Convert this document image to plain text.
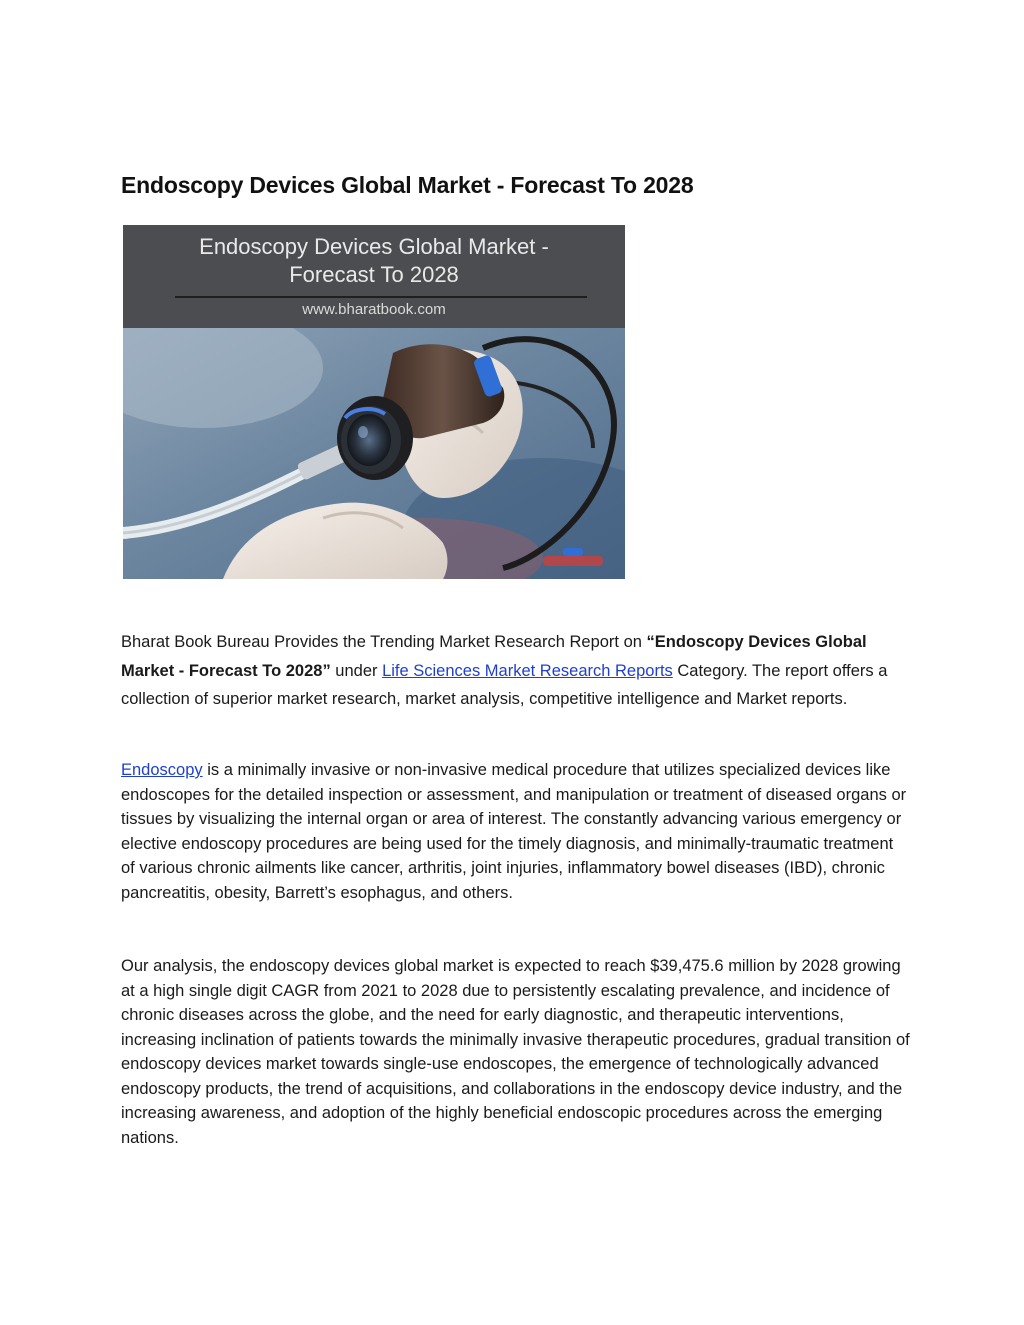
Endoscopy Devices Global Market - Forecast To 2028
Endoscopy Devices Global Market -
Forecast To 2028
www.bharatbook.com

Bharat Book Bureau Provides the Trending Market Research Report on “Endoscopy Devices Global Market - Forecast To 2028” under Life Sciences Market Research Reports Category. The report offers a collection of superior market research, market analysis, competitive intelligence and Market reports.

Endoscopy is a minimally invasive or non-invasive medical procedure that utilizes specialized devices like endoscopes for the detailed inspection or assessment, and manipulation or treatment of diseased organs or tissues by visualizing the internal organ or area of interest. The constantly advancing various emergency or elective endoscopy procedures are being used for the timely diagnosis, and minimally-traumatic treatment of various chronic ailments like cancer, arthritis, joint injuries, inflammatory bowel diseases (IBD), chronic pancreatitis, obesity, Barrett’s esophagus, and others.

Our analysis, the endoscopy devices global market is expected to reach $39,475.6 million by 2028 growing at a high single digit CAGR from 2021 to 2028 due to persistently escalating prevalence, and incidence of chronic diseases across the globe, and the need for early diagnostic, and therapeutic interventions, increasing inclination of patients towards the minimally invasive therapeutic procedures, gradual transition of endoscopy devices market towards single-use endoscopes, the emergence of technologically advanced endoscopy products, the trend of acquisitions, and collaborations in the endoscopy device industry, and the increasing awareness, and adoption of the highly beneficial endoscopic procedures across the emerging nations.
